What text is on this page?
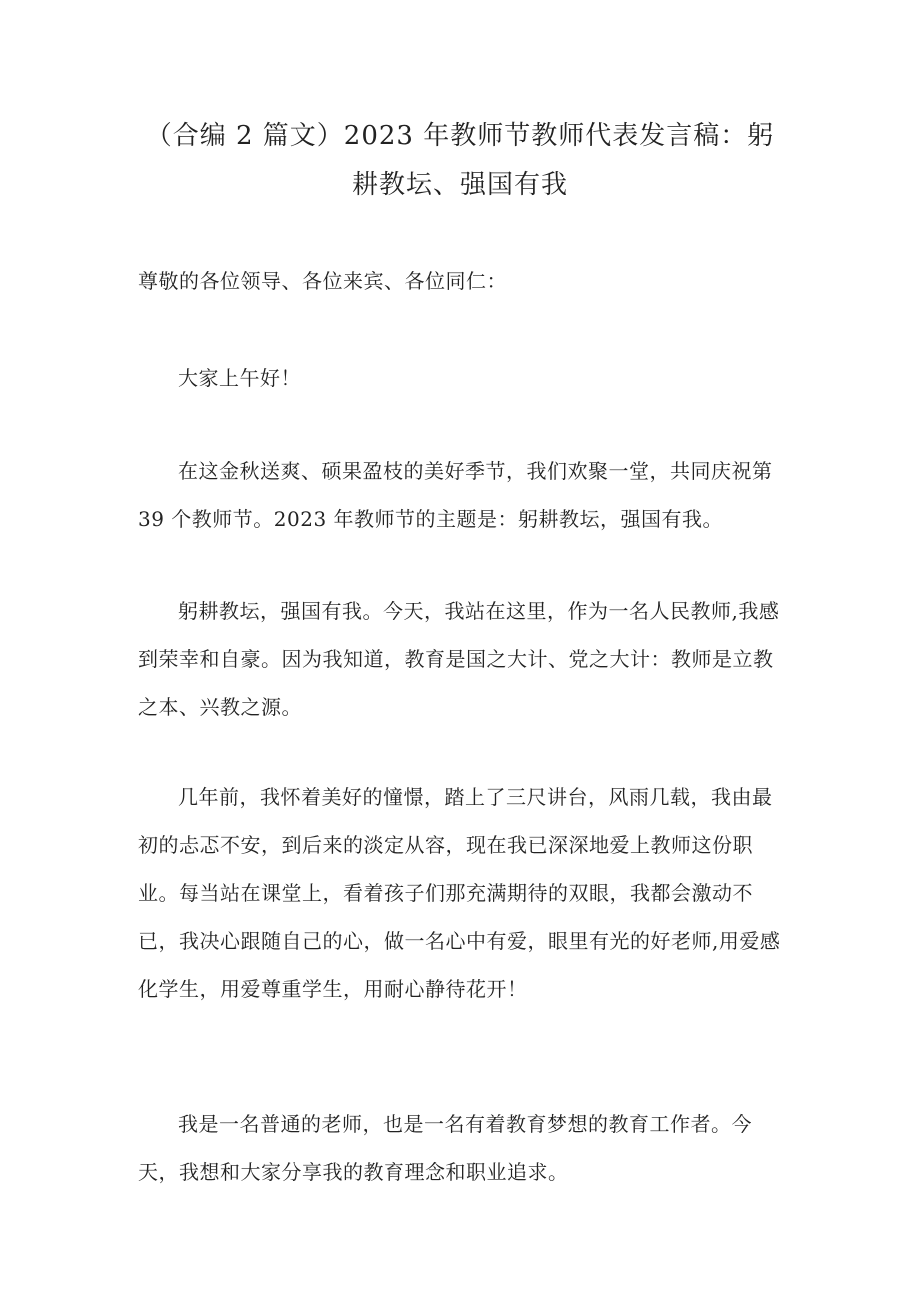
（合编 2 篇文）2023 年教师节教师代表发言稿：躬
耕教坛、强国有我
尊敬的各位领导、各位来宾、各位同仁：
大家上午好！
在这金秋送爽、硕果盈枝的美好季节，我们欢聚一堂，共同庆祝第 39 个教师节。2023 年教师节的主题是：躬耕教坛，强国有我。
躬耕教坛，强国有我。今天，我站在这里，作为一名人民教师,我感到荣幸和自豪。因为我知道，教育是国之大计、党之大计：教师是立教之本、兴教之源。
几年前，我怀着美好的憧憬，踏上了三尺讲台，风雨几载，我由最初的忐忑不安，到后来的淡定从容，现在我已深深地爱上教师这份职业。每当站在课堂上，看着孩子们那充满期待的双眼，我都会激动不已，我决心跟随自己的心，做一名心中有爱，眼里有光的好老师,用爱感化学生，用爱尊重学生，用耐心静待花开！
我是一名普通的老师，也是一名有着教育梦想的教育工作者。今天，我想和大家分享我的教育理念和职业追求。
